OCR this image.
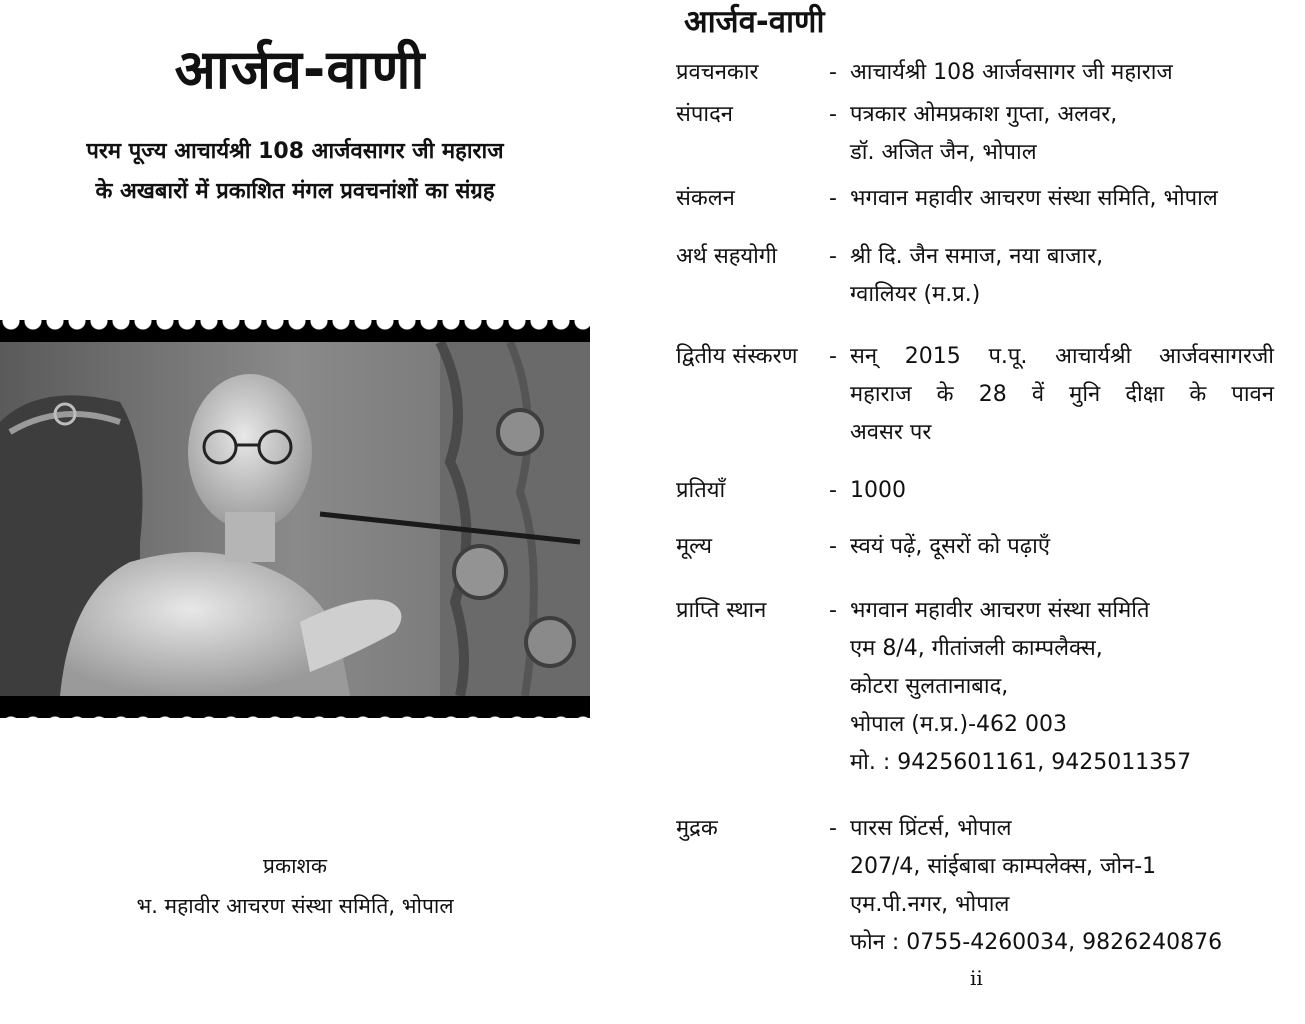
आर्जव-वाणी
परम पूज्य आचार्यश्री 108 आर्जवसागर जी महाराज
के अखबारों में प्रकाशित मंगल प्रवचनांशों का संग्रह
प्रकाशक
भ. महावीर आचरण संस्था समिति, भोपाल
आर्जव-वाणी
प्रवचनकार	- आचार्यश्री 108 आर्जवसागर जी महाराज
संपादन	- पत्रकार ओमप्रकाश गुप्ता, अलवर,
डॉ. अजित जैन, भोपाल
संकलन	- भगवान महावीर आचरण संस्था समिति, भोपाल
अर्थ सहयोगी - श्री दि. जैन समाज, नया बाजार,
ग्वालियर (म.प्र.)
द्वितीय संस्करण - सन् 2015 प.पू. आचार्यश्री आर्जवसागरजी
महाराज के 28 वें मुनि दीक्षा के पावन
अवसर पर
प्रतियाँ	- 1000
मूल्य	- स्वयं पढ़ें, दूसरों को पढ़ाएँ
प्राप्ति स्थान	- भगवान महावीर आचरण संस्था समिति
एम 8/4, गीतांजली काम्पलैक्स,
कोटरा सुलतानाबाद,
भोपाल (म.प्र.)-462 003
मो. : 9425601161, 9425011357
मुद्रक	- पारस प्रिंटर्स, भोपाल
207/4, सांईबाबा काम्पलेक्स, जोन-1
एम.पी.नगर, भोपाल
फोन : 0755-4260034, 9826240876
ii
